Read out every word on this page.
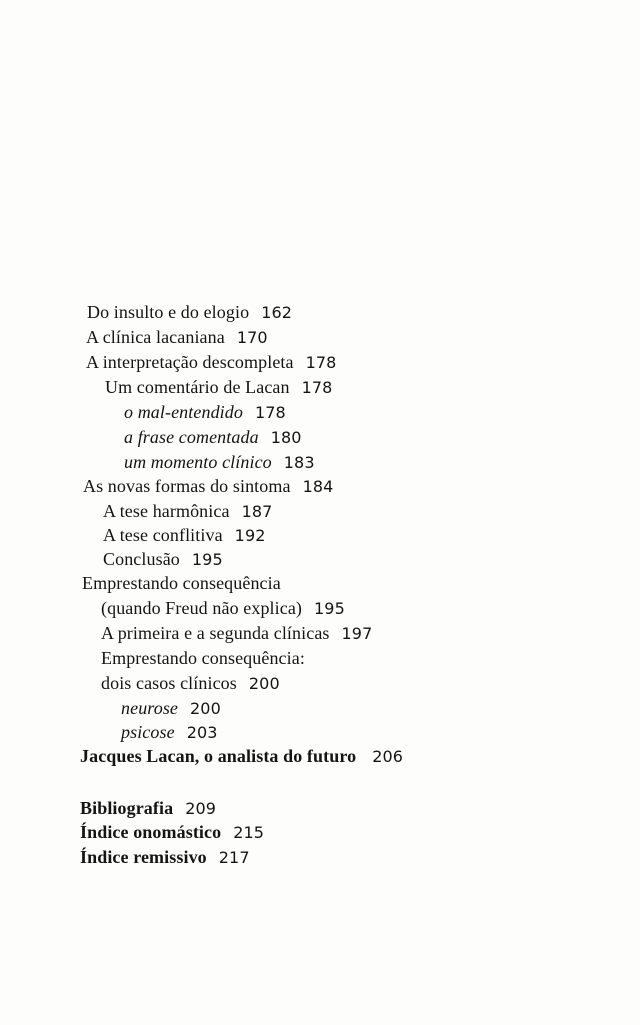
Do insulto e do elogio 162
A clínica lacaniana 170
A interpretação descompleta 178
Um comentário de Lacan 178
o mal-entendido 178
a frase comentada 180
um momento clínico 183
As novas formas do sintoma 184
A tese harmônica 187
A tese conflitiva 192
Conclusão 195
Emprestando consequência
(quando Freud não explica) 195
A primeira e a segunda clínicas 197
Emprestando consequência:
dois casos clínicos 200
neurose 200
psicose 203
Jacques Lacan, o analista do futuro 206
Bibliografia 209
Índice onomástico 215
Índice remissivo 217
